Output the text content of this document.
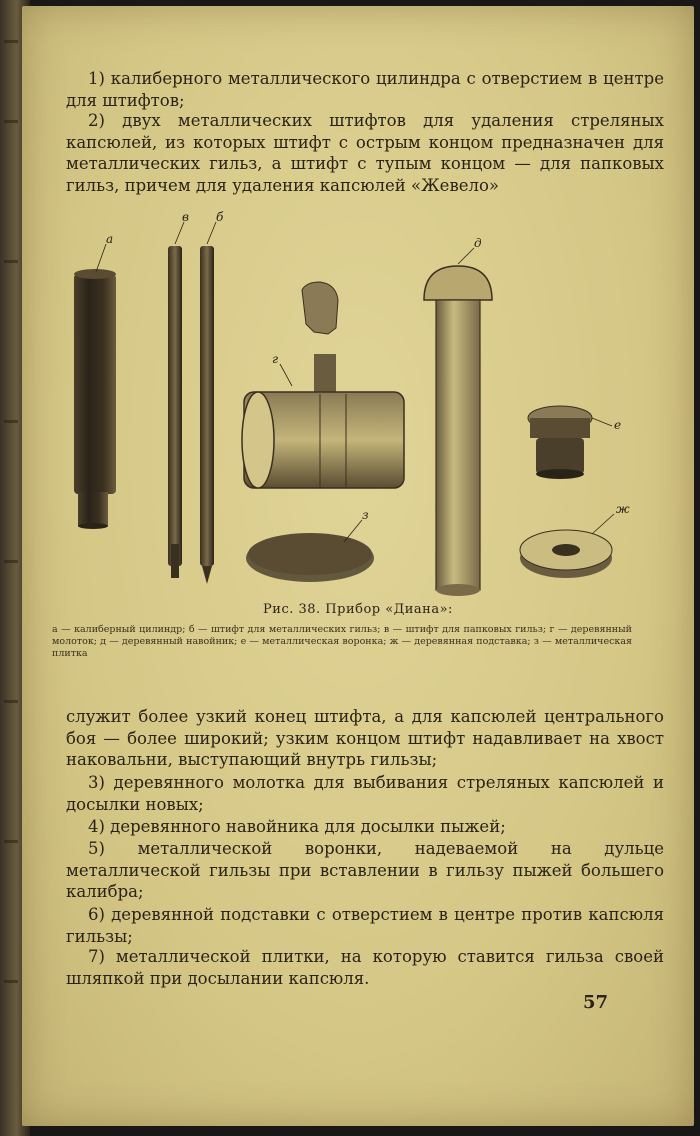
1) калиберного металлического цилиндра с отверстием в центре для штифтов;

2) двух металлических штифтов для удаления стреляных капсюлей, из которых штифт с острым концом предназначен для металлических гильз, а штифт с тупым концом — для папковых гильз, причем для удаления капсюлей «Жевело»

а
в б
г
д
е
ж
з
Рис. 38. Прибор «Диана»:
а — калиберный цилиндр; б — штифт для металлических гильз; в — штифт для папковых гильз; г — деревянный молоток; д — деревянный навойник; е — металлическая воронка; ж — деревянная подставка; з — металлическая плитка

служит более узкий конец штифта, а для капсюлей центрального боя — более широкий; узким концом штифт надавливает на хвост наковальни, выступающий внутрь гильзы;

3) деревянного молотка для выбивания стреляных капсюлей и досылки новых;

4) деревянного навойника для досылки пыжей;

5) металлической воронки, надеваемой на дульце металлической гильзы при вставлении в гильзу пыжей большего калибра;

6) деревянной подставки с отверстием в центре против капсюля гильзы;

7) металлической плитки, на которую ставится гильза своей шляпкой при досылании капсюля.

57
